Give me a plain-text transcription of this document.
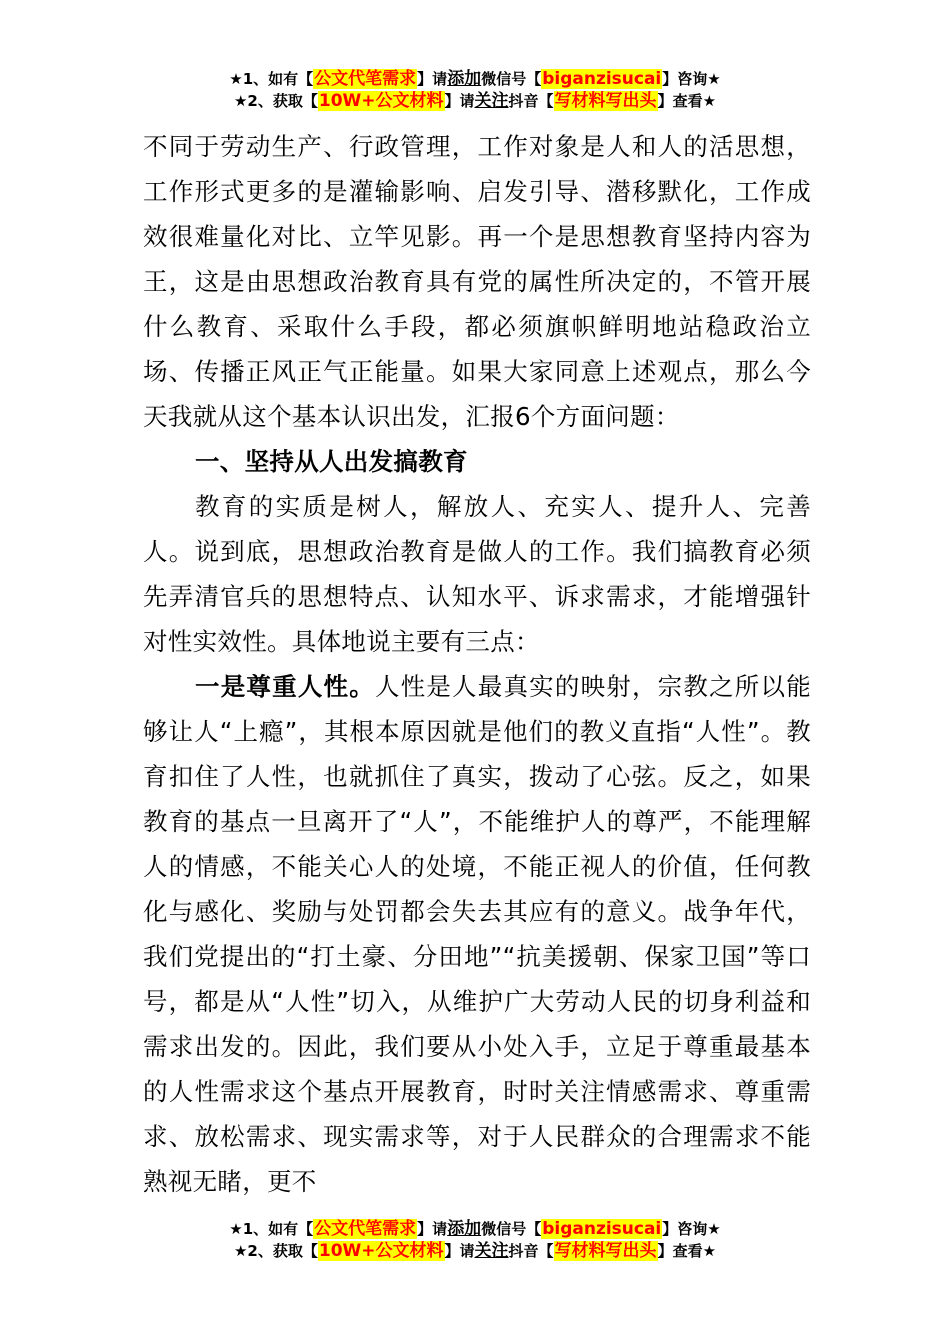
★1、如有【公文代笔需求】请添加微信号【biganzisucai】咨询★
★2、获取【10W+公文材料】请关注抖音【写材料写出头】查看★

不同于劳动生产、行政管理，工作对象是人和人的活思想，工作形式更多的是灌输影响、启发引导、潜移默化，工作成效很难量化对比、立竿见影。再一个是思想教育坚持内容为王，这是由思想政治教育具有党的属性所决定的，不管开展什么教育、采取什么手段，都必须旗帜鲜明地站稳政治立场、传播正风正气正能量。如果大家同意上述观点，那么今天我就从这个基本认识出发，汇报6个方面问题：

一、坚持从人出发搞教育

教育的实质是树人，解放人、充实人、提升人、完善人。说到底，思想政治教育是做人的工作。我们搞教育必须先弄清官兵的思想特点、认知水平、诉求需求，才能增强针对性实效性。具体地说主要有三点：

一是尊重人性。人性是人最真实的映射，宗教之所以能够让人“上瘾”，其根本原因就是他们的教义直指“人性”。教育扣住了人性，也就抓住了真实，拨动了心弦。反之，如果教育的基点一旦离开了“人”，不能维护人的尊严，不能理解人的情感，不能关心人的处境，不能正视人的价值，任何教化与感化、奖励与处罚都会失去其应有的意义。战争年代，我们党提出的“打土豪、分田地”“抗美援朝、保家卫国”等口号，都是从“人性”切入，从维护广大劳动人民的切身利益和需求出发的。因此，我们要从小处入手，立足于尊重最基本的人性需求这个基点开展教育，时时关注情感需求、尊重需求、放松需求、现实需求等，对于人民群众的合理需求不能熟视无睹，更不

★1、如有【公文代笔需求】请添加微信号【biganzisucai】咨询★
★2、获取【10W+公文材料】请关注抖音【写材料写出头】查看★
